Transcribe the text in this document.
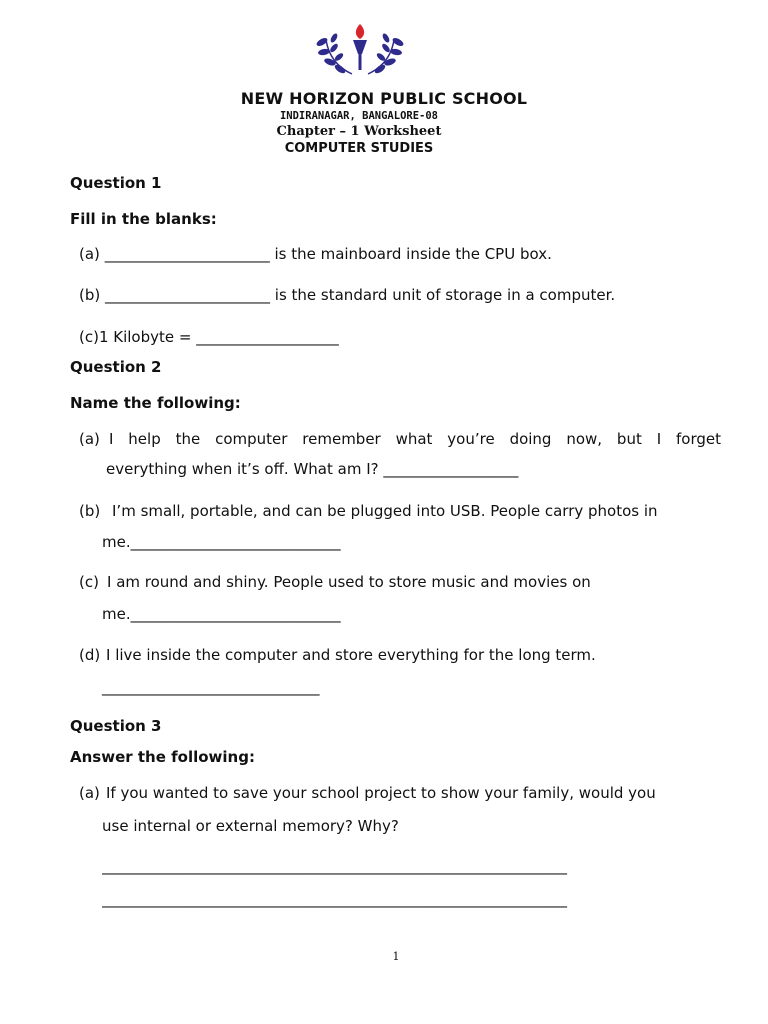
NEW HORIZON PUBLIC SCHOOL
INDIRANAGAR, BANGALORE-08
Chapter – 1 Worksheet
COMPUTER STUDIES
Question 1
Fill in the blanks:
(a) ______________________ is the mainboard inside the CPU box.
(b) ______________________ is the standard unit of storage in a computer.
(c)1 Kilobyte = ___________________
Question 2
Name the following:
(a) I help the computer remember what you’re doing now, but I forget
everything when it’s off. What am I? __________________
(b) I’m small, portable, and can be plugged into USB. People carry photos in
me.____________________________
(c) I am round and shiny. People used to store music and movies on
me.____________________________
(d) I live inside the computer and store everything for the long term.
_____________________________
Question 3
Answer the following:
(a) If you wanted to save your school project to show your family, would you
use internal or external memory? Why?
______________________________________________________________
______________________________________________________________
1
